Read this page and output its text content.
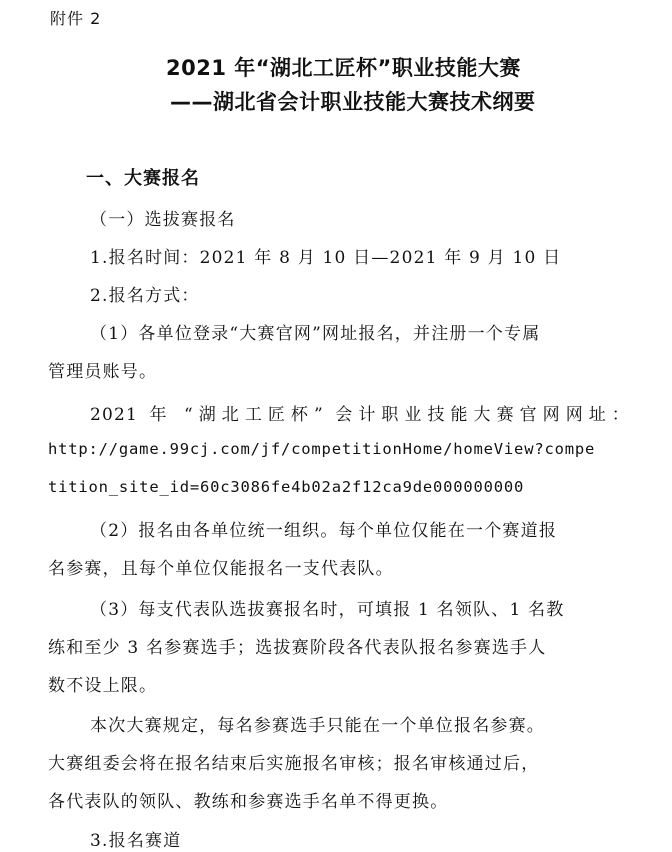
附件 2
2021 年“湖北工匠杯”职业技能大赛
——湖北省会计职业技能大赛技术纲要
一、大赛报名
（一）选拔赛报名
1.报名时间：2021 年 8 月 10 日—2021 年 9 月 10 日
2.报名方式：
（1）各单位登录“大赛官网”网址报名，并注册一个专属
管理员账号。
2021 年 “湖北工匠杯” 会计职业技能大赛官网网址：
http://game.99cj.com/jf/competitionHome/homeView?compe
tition_site_id=60c3086fe4b02a2f12ca9de000000000
（2）报名由各单位统一组织。每个单位仅能在一个赛道报
名参赛，且每个单位仅能报名一支代表队。
（3）每支代表队选拔赛报名时，可填报 1 名领队、1 名教
练和至少 3 名参赛选手；选拔赛阶段各代表队报名参赛选手人
数不设上限。
本次大赛规定，每名参赛选手只能在一个单位报名参赛。
大赛组委会将在报名结束后实施报名审核；报名审核通过后，
各代表队的领队、教练和参赛选手名单不得更换。
3.报名赛道
